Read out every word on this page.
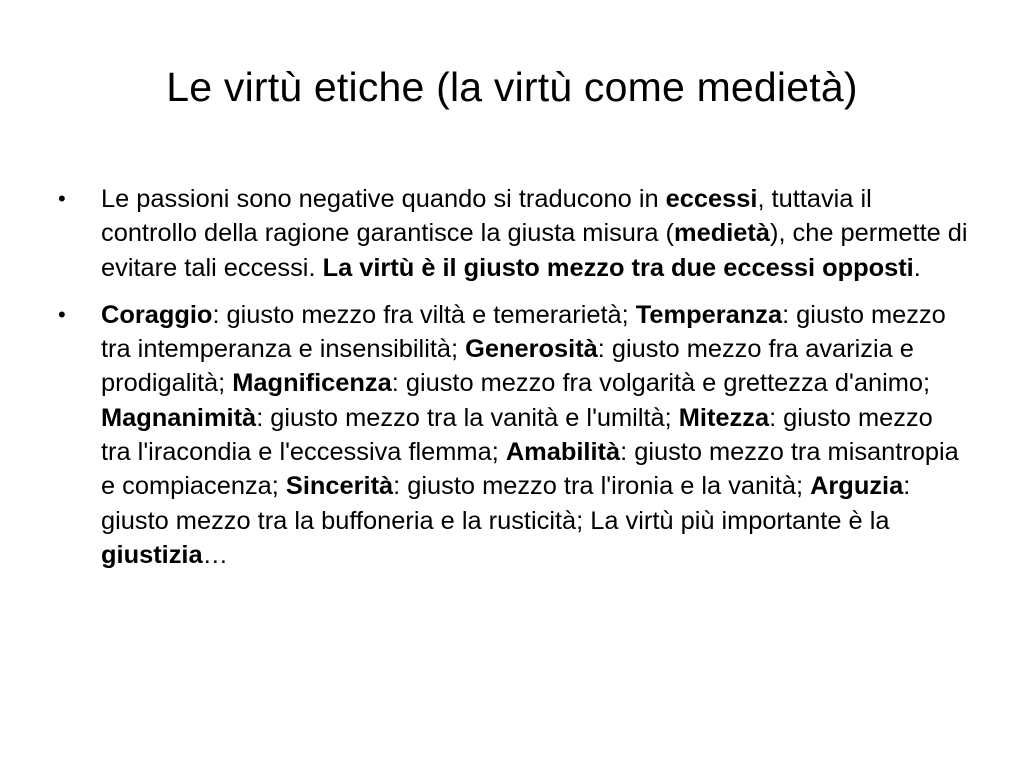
Le virtù etiche (la virtù come medietà)
• Le passioni sono negative quando si traducono in eccessi, tuttavia il controllo della ragione garantisce la giusta misura (medietà), che permette di evitare tali eccessi. La virtù è il giusto mezzo tra due eccessi opposti.
• Coraggio: giusto mezzo fra viltà e temerarietà; Temperanza: giusto mezzo tra intemperanza e insensibilità; Generosità: giusto mezzo fra avarizia e prodigalità; Magnificenza: giusto mezzo fra volgarità e grettezza d'animo; Magnanimità: giusto mezzo tra la vanità e l'umiltà; Mitezza: giusto mezzo tra l'iracondia e l'eccessiva flemma; Amabilità: giusto mezzo tra misantropia e compiacenza; Sincerità: giusto mezzo tra l'ironia e la vanità; Arguzia: giusto mezzo tra la buffoneria e la rusticità; La virtù più importante è la giustizia…
